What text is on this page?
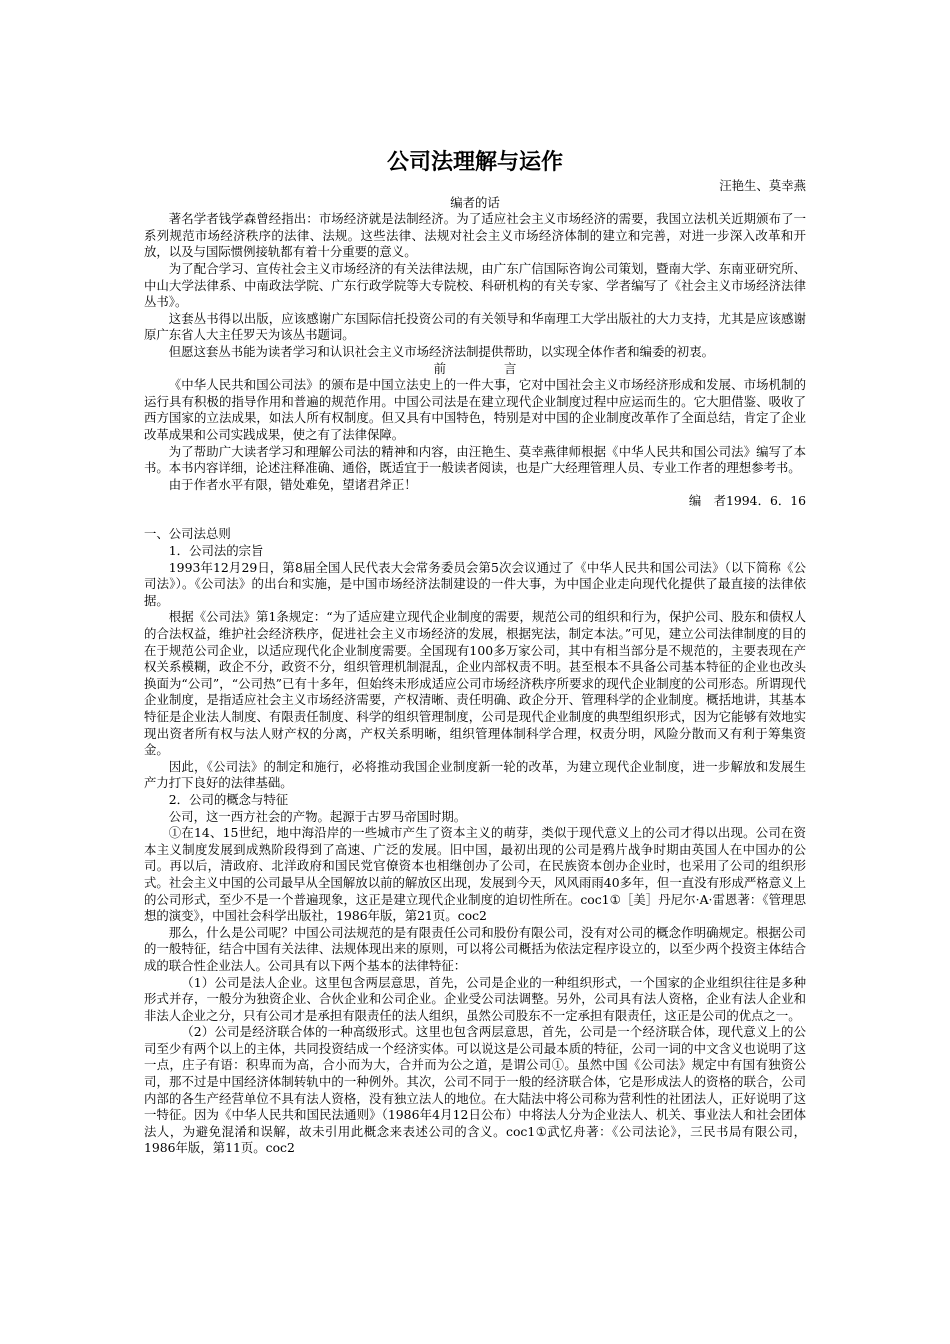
公司法理解与运作

汪艳生、莫幸燕

编者的话

著名学者钱学森曾经指出：市场经济就是法制经济。为了适应社会主义市场经济的需要，我国立法机关近期颁布了一系列规范市场经济秩序的法律、法规。这些法律、法规对社会主义市场经济体制的建立和完善，对进一步深入改革和开放，以及与国际惯例接轨都有着十分重要的意义。

为了配合学习、宣传社会主义市场经济的有关法律法规，由广东广信国际咨询公司策划，暨南大学、东南亚研究所、中山大学法律系、中南政法学院、广东行政学院等大专院校、科研机构的有关专家、学者编写了《社会主义市场经济法律丛书》。

这套丛书得以出版，应该感谢广东国际信托投资公司的有关领导和华南理工大学出版社的大力支持，尤其是应该感谢原广东省人大主任罗天为该丛书题词。

但愿这套丛书能为读者学习和认识社会主义市场经济法制提供帮助，以实现全体作者和编委的初衷。

前	言

《中华人民共和国公司法》的颁布是中国立法史上的一件大事，它对中国社会主义市场经济形成和发展、市场机制的运行具有积极的指导作用和普遍的规范作用。中国公司法是在建立现代企业制度过程中应运而生的。它大胆借鉴、吸收了西方国家的立法成果，如法人所有权制度。但又具有中国特色，特别是对中国的企业制度改革作了全面总结，肯定了企业改革成果和公司实践成果，使之有了法律保障。

为了帮助广大读者学习和理解公司法的精神和内容，由汪艳生、莫幸燕律师根据《中华人民共和国公司法》编写了本书。本书内容详细，论述注释准确、通俗，既适宜于一般读者阅读，也是广大经理管理人员、专业工作者的理想参考书。

由于作者水平有限，错处难免，望诸君斧正！

编　者1994．6．16

一、公司法总则

1．公司法的宗旨

1993年12月29日，第8届全国人民代表大会常务委员会第5次会议通过了《中华人民共和国公司法》（以下简称《公司法》）。《公司法》的出台和实施，是中国市场经济法制建设的一件大事，为中国企业走向现代化提供了最直接的法律依据。

根据《公司法》第1条规定：“为了适应建立现代企业制度的需要，规范公司的组织和行为，保护公司、股东和债权人的合法权益，维护社会经济秩序，促进社会主义市场经济的发展，根据宪法，制定本法。”可见，建立公司法律制度的目的在于规范公司企业，以适应现代化企业制度需要。全国现有100多万家公司，其中有相当部分是不规范的，主要表现在产权关系模糊，政企不分，政资不分，组织管理机制混乱，企业内部权责不明。甚至根本不具备公司基本特征的企业也改头换面为“公司”，“公司热”已有十多年，但始终未形成适应公司市场经济秩序所要求的现代企业制度的公司形态。所谓现代企业制度，是指适应社会主义市场经济需要，产权清晰、责任明确、政企分开、管理科学的企业制度。概括地讲，其基本特征是企业法人制度、有限责任制度、科学的组织管理制度，公司是现代企业制度的典型组织形式，因为它能够有效地实现出资者所有权与法人财产权的分离，产权关系明晰，组织管理体制科学合理，权责分明，风险分散而又有利于筹集资金。

因此，《公司法》的制定和施行，必将推动我国企业制度新一轮的改革，为建立现代企业制度，进一步解放和发展生产力打下良好的法律基础。

2．公司的概念与特征

公司，这一西方社会的产物。起源于古罗马帝国时期。

①在14、15世纪，地中海沿岸的一些城市产生了资本主义的萌芽，类似于现代意义上的公司才得以出现。公司在资本主义制度发展到成熟阶段得到了高速、广泛的发展。旧中国，最初出现的公司是鸦片战争时期由英国人在中国办的公司。再以后，清政府、北洋政府和国民党官僚资本也相继创办了公司，在民族资本创办企业时，也采用了公司的组织形式。社会主义中国的公司最早从全国解放以前的解放区出现，发展到今天，风风雨雨40多年，但一直没有形成严格意义上的公司形式，至少不是一个普遍现象，这正是建立现代企业制度的迫切性所在。coc1①［美］丹尼尔·A·雷恩著：《管理思想的演变》，中国社会科学出版社，1986年版，第21页。coc2

那么，什么是公司呢？中国公司法规范的是有限责任公司和股份有限公司，没有对公司的概念作明确规定。根据公司的一般特征，结合中国有关法律、法规体现出来的原则，可以将公司概括为依法定程序设立的，以至少两个投资主体结合成的联合性企业法人。公司具有以下两个基本的法律特征：

（1）公司是法人企业。这里包含两层意思，首先，公司是企业的一种组织形式，一个国家的企业组织往往是多种形式并存，一般分为独资企业、合伙企业和公司企业。企业受公司法调整。另外，公司具有法人资格，企业有法人企业和非法人企业之分，只有公司才是承担有限责任的法人组织，虽然公司股东不一定承担有限责任，这正是公司的优点之一。

（2）公司是经济联合体的一种高级形式。这里也包含两层意思，首先，公司是一个经济联合体，现代意义上的公司至少有两个以上的主体，共同投资结成一个经济实体。可以说这是公司最本质的特征，公司一词的中文含义也说明了这一点，庄子有语：积卑而为高，合小而为大，合并而为公之道，是谓公司①。虽然中国《公司法》规定中有国有独资公司，那不过是中国经济体制转轨中的一种例外。其次，公司不同于一般的经济联合体，它是形成法人的资格的联合，公司内部的各生产经营单位不具有法人资格，没有独立法人的地位。在大陆法中将公司称为营利性的社团法人，正好说明了这一特征。因为《中华人民共和国民法通则》（1986年4月12日公布）中将法人分为企业法人、机关、事业法人和社会团体法人，为避免混淆和误解，故未引用此概念来表述公司的含义。coc1①武忆舟著：《公司法论》，三民书局有限公司，1986年版，第11页。coc2
